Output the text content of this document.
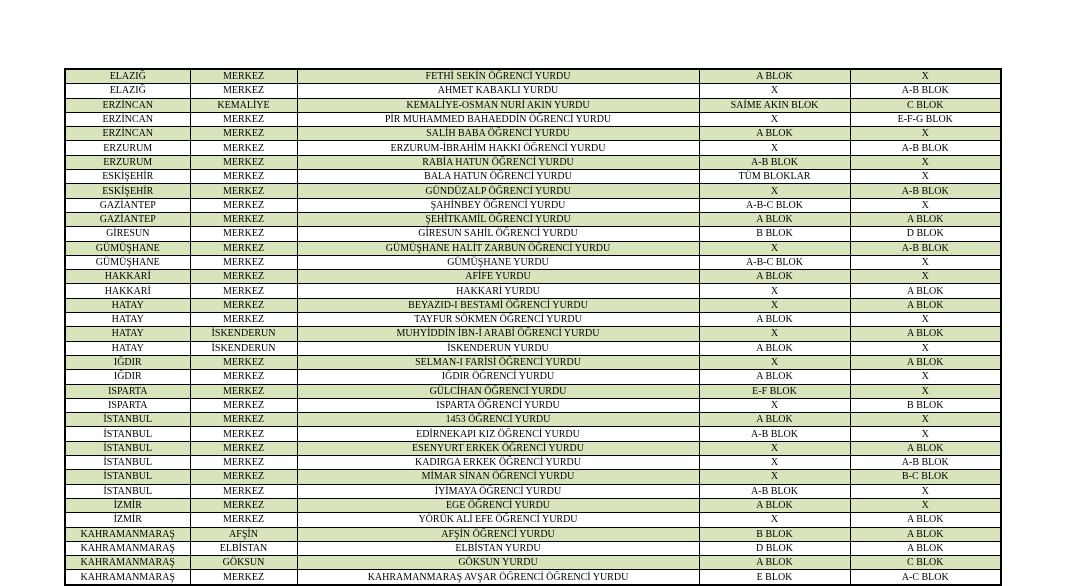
ELAZIĞ	MERKEZ	FETHİ SEKİN ÖĞRENCİ YURDU	A BLOK	X
ELAZIĞ	MERKEZ	AHMET KABAKLI YURDU	X	A-B BLOK
ERZİNCAN	KEMALİYE	KEMALİYE-OSMAN NURİ AKIN YURDU	SAİME AKIN BLOK	C BLOK
ERZİNCAN	MERKEZ	PİR MUHAMMED BAHAEDDİN ÖĞRENCİ YURDU	X	E-F-G BLOK
ERZİNCAN	MERKEZ	SALİH BABA ÖĞRENCİ YURDU	A BLOK	X
ERZURUM	MERKEZ	ERZURUM-İBRAHİM HAKKI ÖĞRENCİ YURDU	X	A-B BLOK
ERZURUM	MERKEZ	RABİA HATUN ÖĞRENCİ YURDU	A-B BLOK	X
ESKİŞEHİR	MERKEZ	BALA HATUN ÖĞRENCİ YURDU	TÜM BLOKLAR	X
ESKİŞEHİR	MERKEZ	GÜNDÜZALP ÖĞRENCİ YURDU	X	A-B BLOK
GAZİANTEP	MERKEZ	ŞAHİNBEY ÖĞRENCİ YURDU	A-B-C BLOK	X
GAZİANTEP	MERKEZ	ŞEHİTKAMİL ÖĞRENCİ YURDU	A BLOK	A BLOK
GİRESUN	MERKEZ	GİRESUN SAHİL ÖĞRENCİ YURDU	B BLOK	D BLOK
GÜMÜŞHANE	MERKEZ	GÜMÜŞHANE HALİT ZARBUN ÖĞRENCİ YURDU	X	A-B BLOK
GÜMÜŞHANE	MERKEZ	GÜMÜŞHANE YURDU	A-B-C BLOK	X
HAKKARİ	MERKEZ	AFİFE YURDU	A BLOK	X
HAKKARİ	MERKEZ	HAKKARİ YURDU	X	A BLOK
HATAY	MERKEZ	BEYAZID-I BESTAMİ ÖĞRENCİ YURDU	X	A BLOK
HATAY	MERKEZ	TAYFUR SÖKMEN ÖĞRENCİ YURDU	A BLOK	X
HATAY	İSKENDERUN	MUHYİDDİN İBN-İ ARABİ ÖĞRENCİ YURDU	X	A BLOK
HATAY	İSKENDERUN	İSKENDERUN YURDU	A BLOK	X
IĞDIR	MERKEZ	SELMAN-I FARİSİ ÖĞRENCİ YURDU	X	A BLOK
IĞDIR	MERKEZ	IĞDIR ÖĞRENCİ YURDU	A BLOK	X
ISPARTA	MERKEZ	GÜLCİHAN ÖĞRENCİ YURDU	E-F BLOK	X
ISPARTA	MERKEZ	ISPARTA ÖĞRENCİ YURDU	X	B BLOK
İSTANBUL	MERKEZ	1453 ÖĞRENCİ YURDU	A BLOK	X
İSTANBUL	MERKEZ	EDİRNEKAPI KIZ ÖĞRENCİ YURDU	A-B BLOK	X
İSTANBUL	MERKEZ	ESENYURT ERKEK ÖĞRENCİ YURDU	X	A BLOK
İSTANBUL	MERKEZ	KADIRGA ERKEK ÖĞRENCİ YURDU	X	A-B BLOK
İSTANBUL	MERKEZ	MİMAR SİNAN ÖĞRENCİ YURDU	X	B-C BLOK
İSTANBUL	MERKEZ	İYİMAYA ÖĞRENCİ YURDU	A-B BLOK	X
İZMİR	MERKEZ	EGE ÖĞRENCİ YURDU	A BLOK	X
İZMİR	MERKEZ	YÖRÜK ALİ EFE ÖĞRENCİ YURDU	X	A BLOK
KAHRAMANMARAŞ	AFŞİN	AFŞİN ÖĞRENCİ YURDU	B BLOK	A BLOK
KAHRAMANMARAŞ	ELBİSTAN	ELBİSTAN YURDU	D BLOK	A BLOK
KAHRAMANMARAŞ	GÖKSUN	GÖKSUN YURDU	A BLOK	C BLOK
KAHRAMANMARAŞ	MERKEZ	KAHRAMANMARAŞ AVŞAR ÖĞRENCİ ÖĞRENCİ YURDU	E BLOK	A-C BLOK
